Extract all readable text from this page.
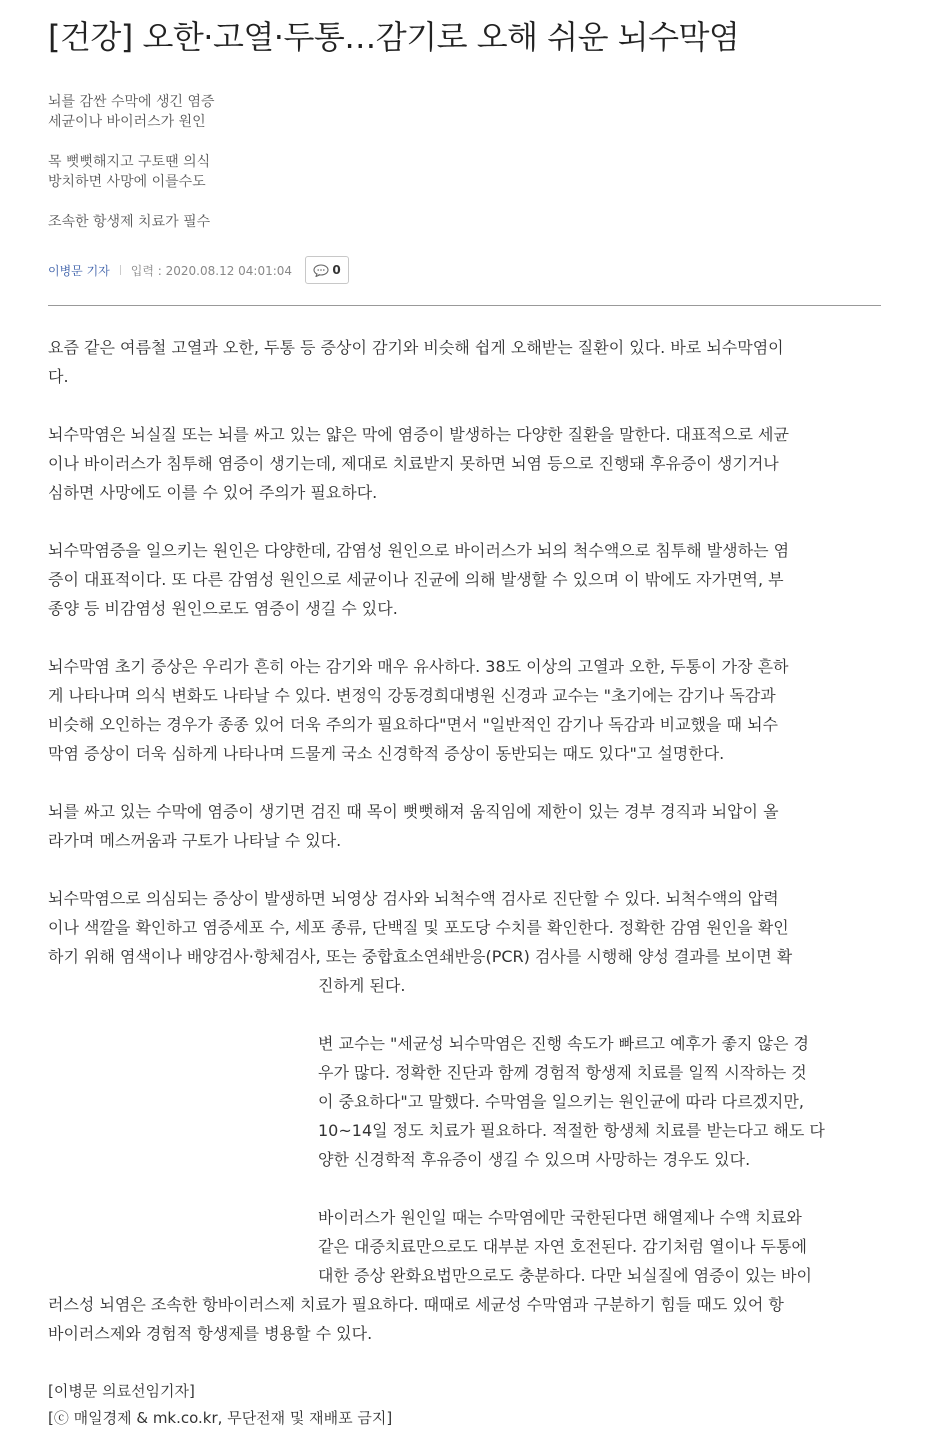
[건강] 오한·고열·두통…감기로 오해 쉬운 뇌수막염
뇌를 감싼 수막에 생긴 염증
세균이나 바이러스가 원인
목 뻣뻣해지고 구토땐 의식
방치하면 사망에 이를수도
조속한 항생제 치료가 필수
이병문 기자 입력 : 2020.08.12 04:01:04	0

요즘 같은 여름철 고열과 오한, 두통 등 증상이 감기와 비슷해 쉽게 오해받는 질환이 있다. 바로 뇌수막염이
다.

뇌수막염은 뇌실질 또는 뇌를 싸고 있는 얇은 막에 염증이 발생하는 다양한 질환을 말한다. 대표적으로 세균
이나 바이러스가 침투해 염증이 생기는데, 제대로 치료받지 못하면 뇌염 등으로 진행돼 후유증이 생기거나
심하면 사망에도 이를 수 있어 주의가 필요하다.

뇌수막염증을 일으키는 원인은 다양한데, 감염성 원인으로 바이러스가 뇌의 척수액으로 침투해 발생하는 염
증이 대표적이다. 또 다른 감염성 원인으로 세균이나 진균에 의해 발생할 수 있으며 이 밖에도 자가면역, 부
종양 등 비감염성 원인으로도 염증이 생길 수 있다.

뇌수막염 초기 증상은 우리가 흔히 아는 감기와 매우 유사하다. 38도 이상의 고열과 오한, 두통이 가장 흔하
게 나타나며 의식 변화도 나타날 수 있다. 변정익 강동경희대병원 신경과 교수는 "초기에는 감기나 독감과
비슷해 오인하는 경우가 종종 있어 더욱 주의가 필요하다"면서 "일반적인 감기나 독감과 비교했을 때 뇌수
막염 증상이 더욱 심하게 나타나며 드물게 국소 신경학적 증상이 동반되는 때도 있다"고 설명한다.

뇌를 싸고 있는 수막에 염증이 생기면 검진 때 목이 뻣뻣해져 움직임에 제한이 있는 경부 경직과 뇌압이 올
라가며 메스꺼움과 구토가 나타날 수 있다.

뇌수막염으로 의심되는 증상이 발생하면 뇌영상 검사와 뇌척수액 검사로 진단할 수 있다. 뇌척수액의 압력
이나 색깔을 확인하고 염증세포 수, 세포 종류, 단백질 및 포도당 수치를 확인한다. 정확한 감염 원인을 확인
하기 위해 염색이나 배양검사·항체검사, 또는 중합효소연쇄반응(PCR) 검사를 시행해 양성 결과를 보이면 확
진하게 된다.

변 교수는 "세균성 뇌수막염은 진행 속도가 빠르고 예후가 좋지 않은 경
우가 많다. 정확한 진단과 함께 경험적 항생제 치료를 일찍 시작하는 것
이 중요하다"고 말했다. 수막염을 일으키는 원인균에 따라 다르겠지만,
10~14일 정도 치료가 필요하다. 적절한 항생체 치료를 받는다고 해도 다
양한 신경학적 후유증이 생길 수 있으며 사망하는 경우도 있다.

바이러스가 원인일 때는 수막염에만 국한된다면 해열제나 수액 치료와
같은 대증치료만으로도 대부분 자연 호전된다. 감기처럼 열이나 두통에
대한 증상 완화요법만으로도 충분하다. 다만 뇌실질에 염증이 있는 바이
러스성 뇌염은 조속한 항바이러스제 치료가 필요하다. 때때로 세균성 수막염과 구분하기 힘들 때도 있어 항
바이러스제와 경험적 항생제를 병용할 수 있다.

[이병문 의료선임기자]
[ⓒ 매일경제 & mk.co.kr, 무단전재 및 재배포 금지]
